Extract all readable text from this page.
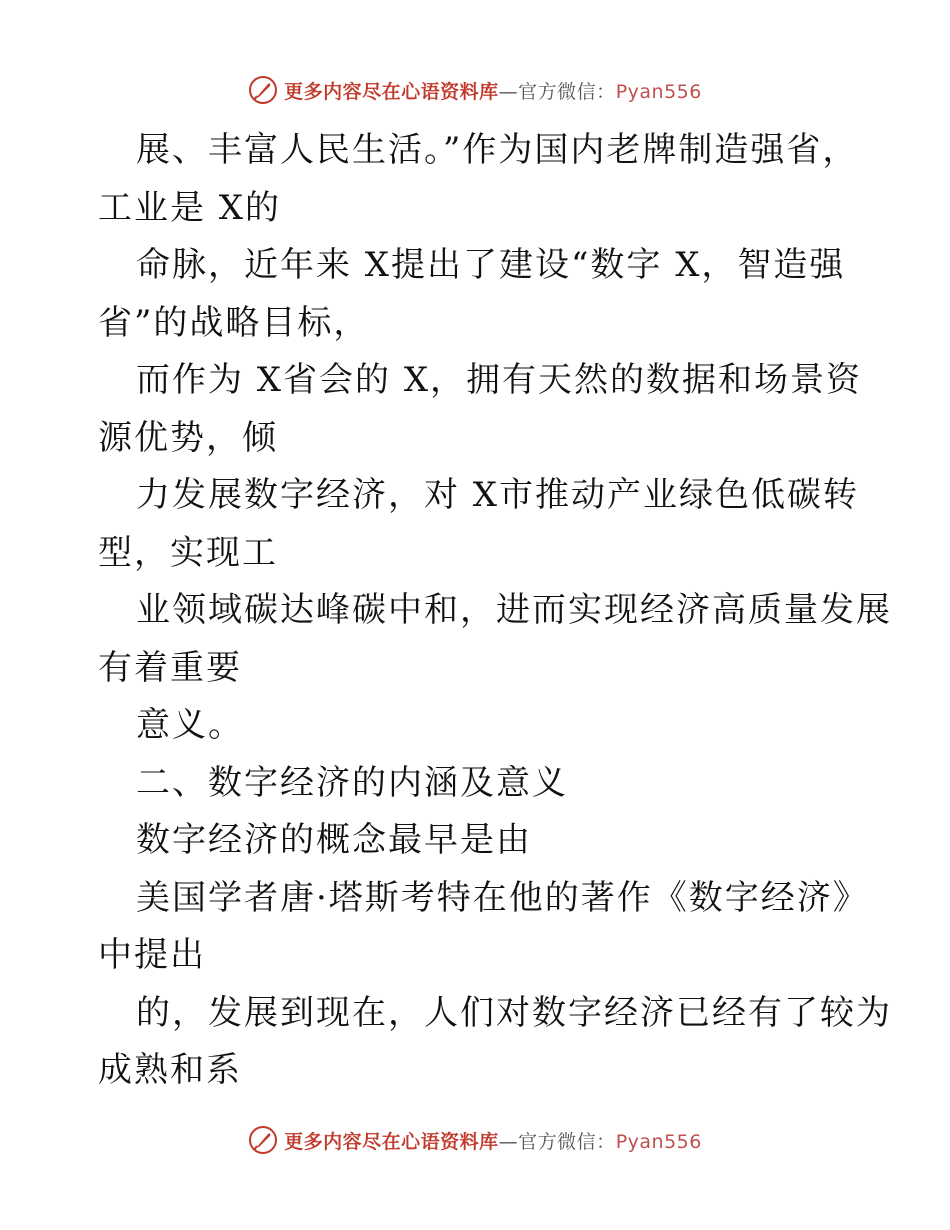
更多内容尽在心语资料库—官方微信：Pyan556
展、丰富人民生活。”作为国内老牌制造强省，
工业是 X的
命脉，近年来 X提出了建设“数字 X，智造强
省”的战略目标，
而作为 X省会的 X，拥有天然的数据和场景资
源优势，倾
力发展数字经济，对 X市推动产业绿色低碳转
型，实现工
业领域碳达峰碳中和，进而实现经济高质量发展
有着重要
意义。
二、数字经济的内涵及意义
数字经济的概念最早是由
美国学者唐·塔斯考特在他的著作《数字经济》
中提出
的，发展到现在，人们对数字经济已经有了较为
成熟和系
更多内容尽在心语资料库—官方微信：Pyan556
